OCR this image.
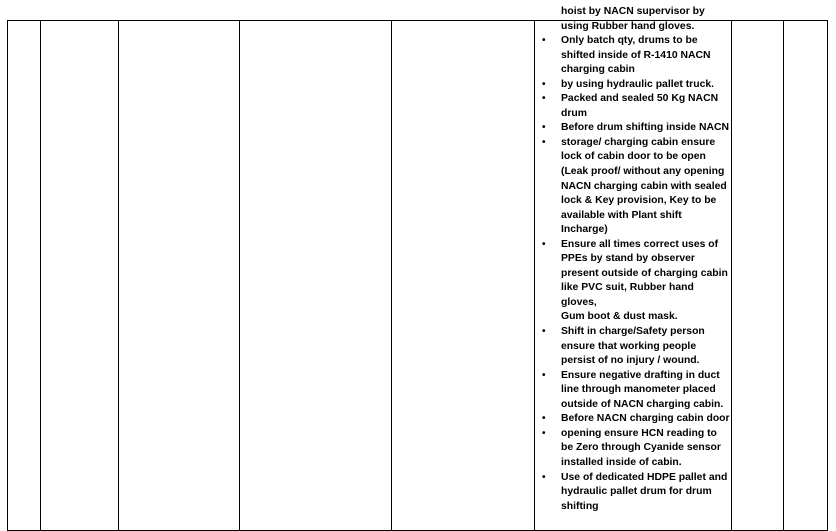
hoist by NACN supervisor by
using Rubber hand gloves.
• Only batch qty, drums to be
shifted inside of R-1410 NACN
charging cabin
• by using hydraulic pallet truck.
• Packed and sealed 50 Kg NACN
drum
• Before drum shifting inside NACN
• storage/ charging cabin ensure
lock of cabin door to be open
(Leak proof/ without any opening
NACN charging cabin with sealed
lock & Key provision, Key to be
available with Plant shift
Incharge)
• Ensure all times correct uses of
PPEs by stand by observer
present outside of charging cabin
like PVC suit, Rubber hand gloves,
Gum boot & dust mask.
• Shift in charge/Safety person
ensure that working people
persist of no injury / wound.
• Ensure negative drafting in duct
line through manometer placed
outside of NACN charging cabin.
• Before NACN charging cabin door
• opening ensure HCN reading to
be Zero through Cyanide sensor
installed inside of cabin.
• Use of dedicated HDPE pallet and
hydraulic pallet drum for drum
shifting
